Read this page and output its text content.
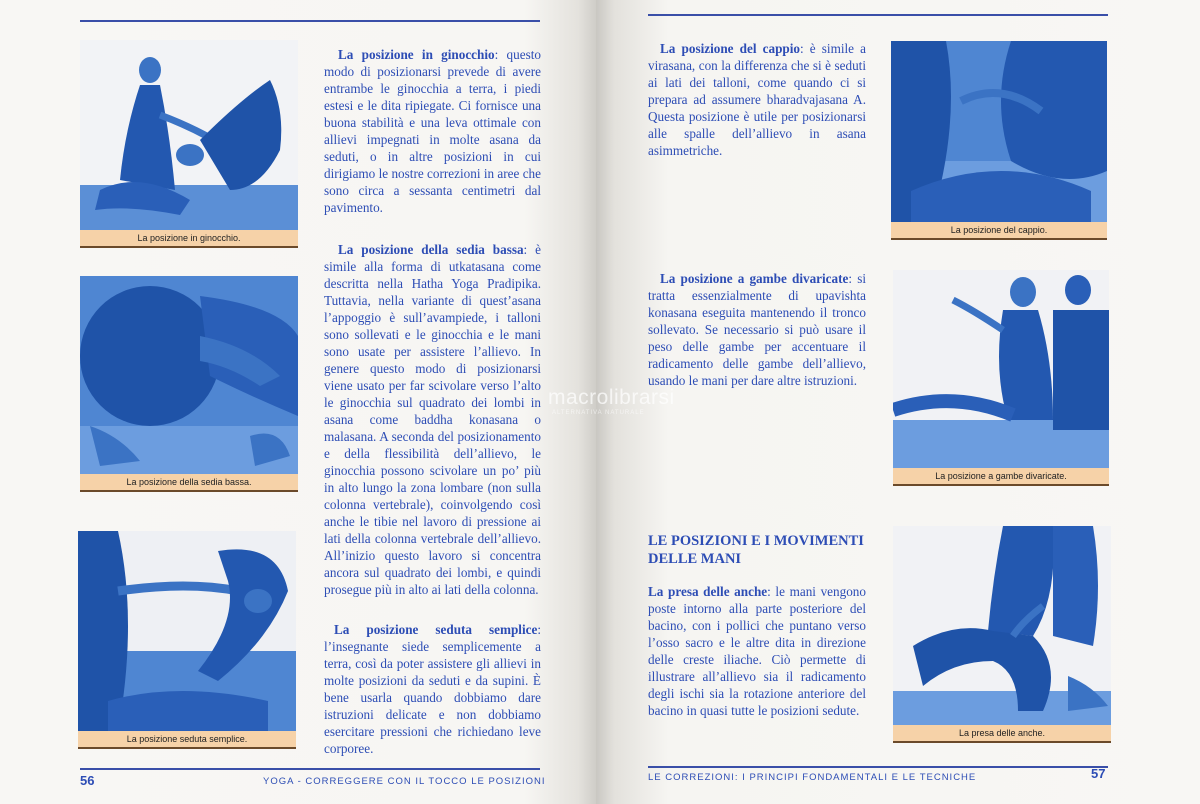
La posizione in ginocchio.
La posizione in ginocchio: questo modo di posizionarsi prevede di avere entrambe le ginocchia a terra, i piedi estesi e le dita ripiegate. Ci fornisce una buona stabilità e una leva ottimale con allievi impegnati in molte asana da seduti, o in altre posizioni in cui dirigiamo le nostre correzioni in aree che sono circa a sessanta centimetri dal pavimento.
La posizione della sedia bassa.
La posizione della sedia bassa: è simile alla forma di utkatasana come descritta nella Hatha Yoga Pradipika. Tuttavia, nella variante di quest’asana l’appoggio è sull’avampiede, i talloni sono sollevati e le ginocchia e le mani sono usate per assistere l’allievo. In genere questo modo di posizionarsi viene usato per far scivolare verso l’alto le ginocchia sul quadrato dei lombi in asana come baddha konasana o malasana. A seconda del posizionamento e della flessibilità dell’allievo, le ginocchia possono scivolare un po’ più in alto lungo la zona lombare (non sulla colonna vertebrale), coinvolgendo così anche le tibie nel lavoro di pressione ai lati della colonna vertebrale dell’allievo. All’inizio questo lavoro si concentra ancora sul quadrato dei lombi, e quindi prosegue più in alto ai lati della colonna.
La posizione seduta semplice.
La posizione seduta semplice: l’insegnante siede semplicemente a terra, così da poter assistere gli allievi in molte posizioni da seduti e da supini. È bene usarla quando dobbiamo dare istruzioni delicate e non dobbiamo esercitare pressioni che richiedano leve corporee.
56	YOGA - CORREGGERE CON IL TOCCO LE POSIZIONI
La posizione del cappio: è simile a virasana, con la differenza che si è seduti ai lati dei talloni, come quando ci si prepara ad assumere bharadvajasana A. Questa posizione è utile per posizionarsi alle spalle dell’allievo in asana asimmetriche.
La posizione del cappio.
La posizione a gambe divaricate: si tratta essenzialmente di upavishta konasana eseguita mantenendo il tronco sollevato. Se necessario si può usare il peso delle gambe per accentuare il radicamento delle gambe dell’allievo, usando le mani per dare altre istruzioni.
La posizione a gambe divaricate.
LE POSIZIONI E I MOVIMENTI DELLE MANI
La presa delle anche: le mani vengono poste intorno alla parte posteriore del bacino, con i pollici che puntano verso l’osso sacro e le altre dita in direzione delle creste iliache. Ciò permette di illustrare all’allievo sia il radicamento degli ischi sia la rotazione anteriore del bacino in quasi tutte le posizioni sedute.
La presa delle anche.
LE CORREZIONI: I PRINCIPI FONDAMENTALI E LE TECNICHE	57
macrolibrarsi
ALTERNATIVA NATURALE
